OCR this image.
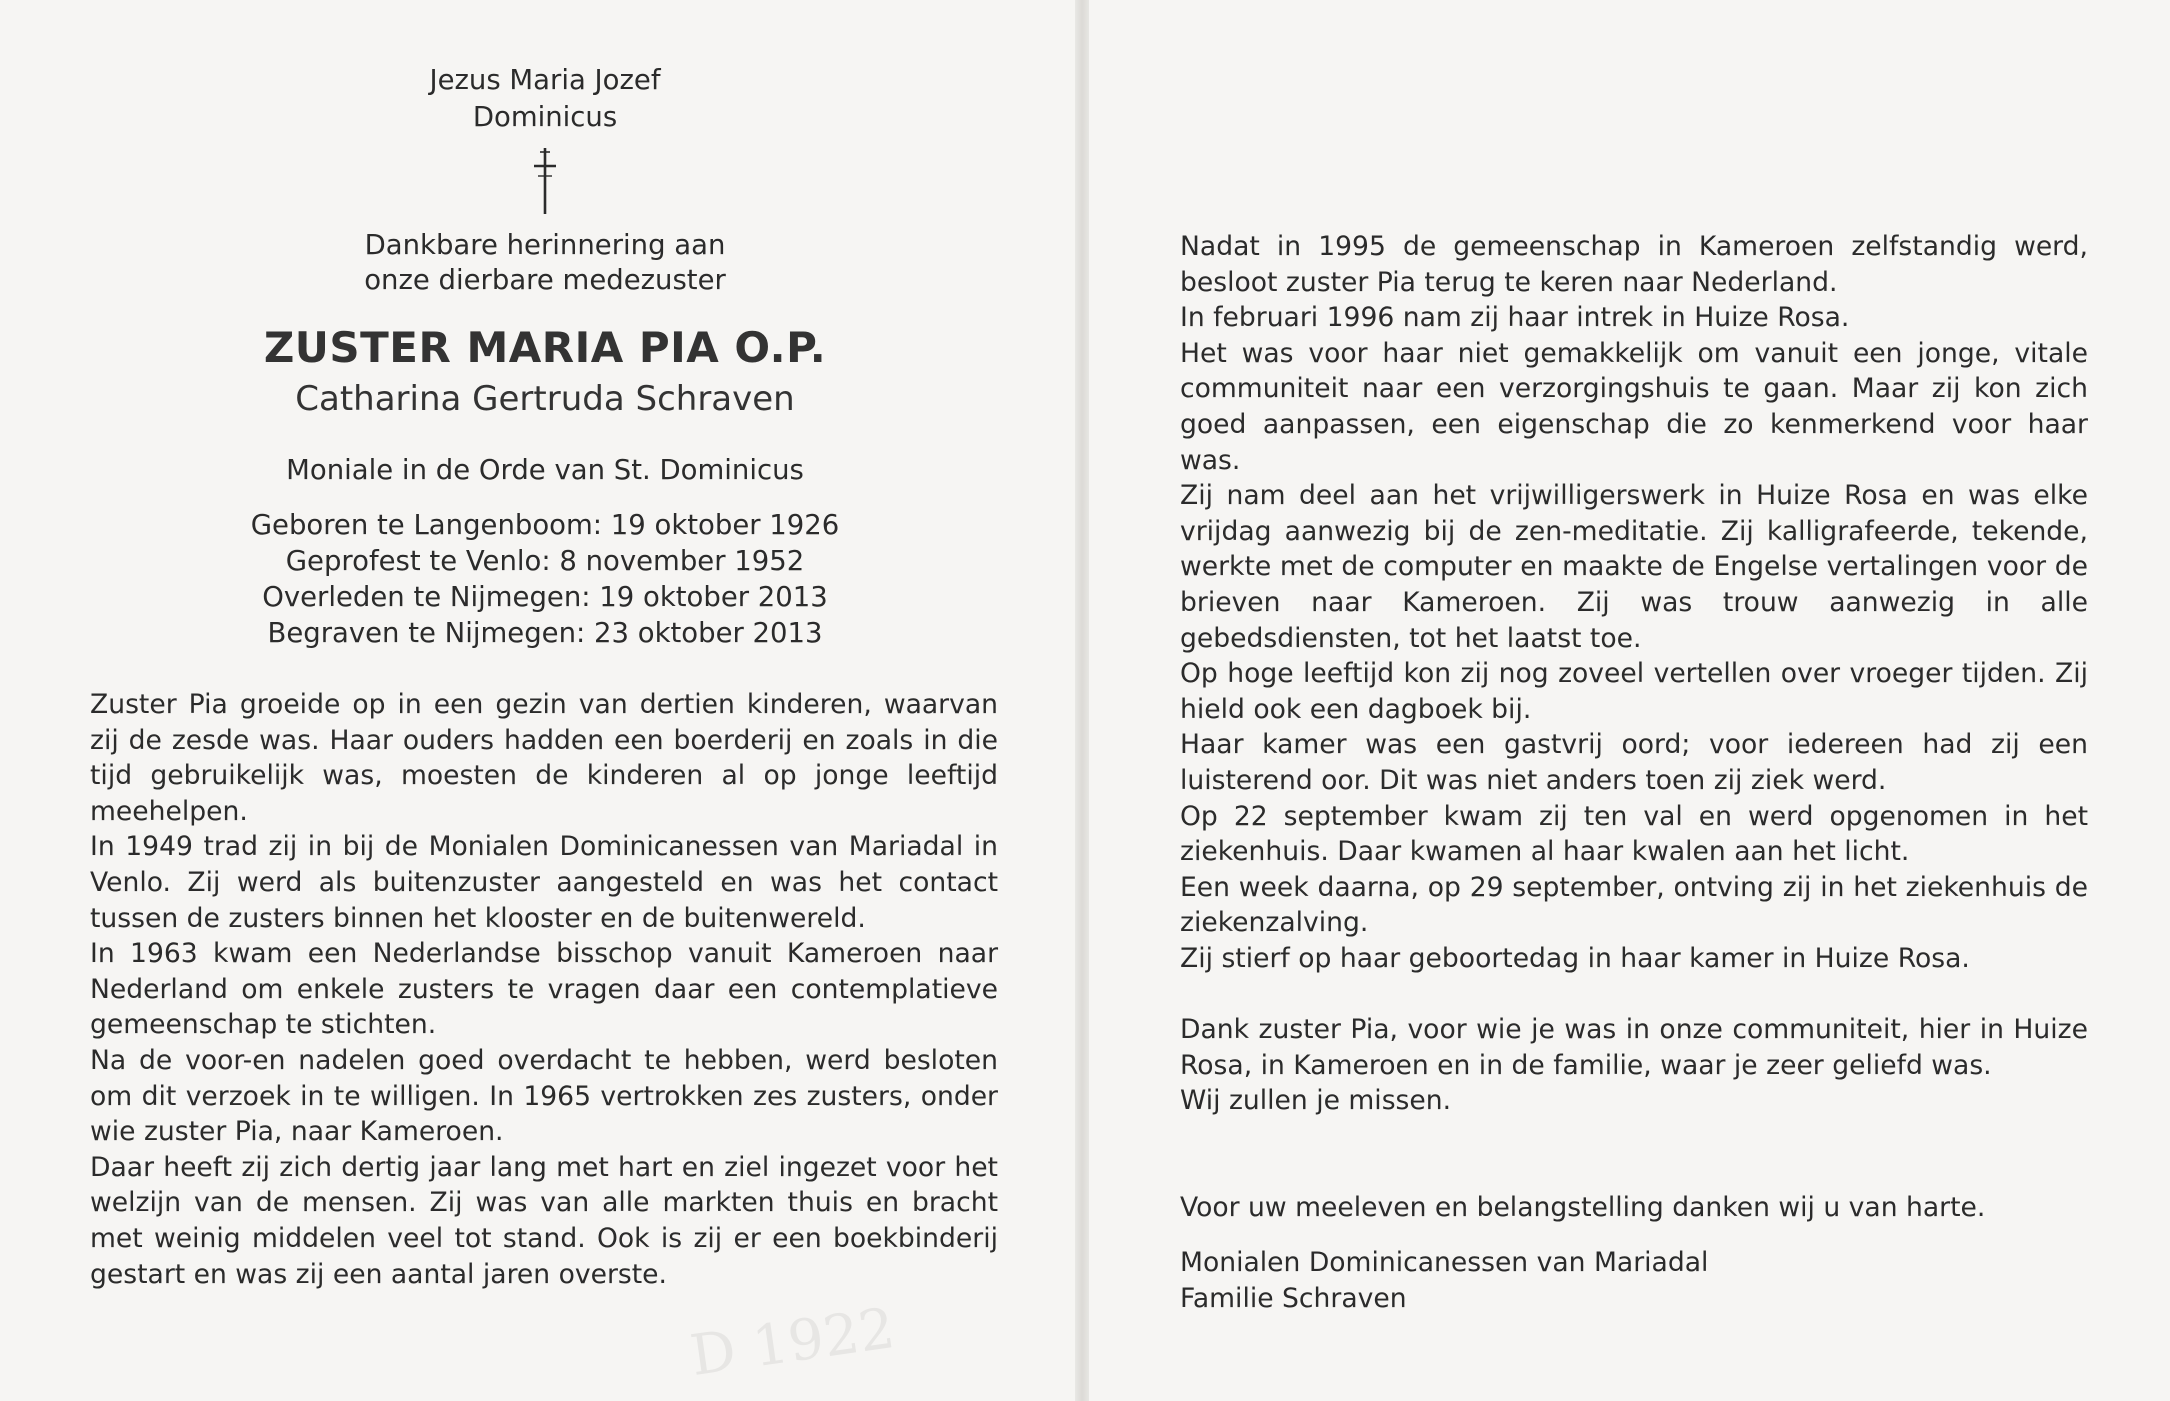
Jezus Maria Jozef
Dominicus
Dankbare herinnering aan
onze dierbare medezuster
ZUSTER MARIA PIA O.P.
Catharina Gertruda Schraven
Moniale in de Orde van St. Dominicus
Geboren te Langenboom: 19 oktober 1926
Geprofest te Venlo: 8 november 1952
Overleden te Nijmegen: 19 oktober 2013
Begraven te Nijmegen: 23 oktober 2013

Zuster Pia groeide op in een gezin van dertien kinderen, waarvan zij de zesde was. Haar ouders hadden een boerderij en zoals in die tijd gebruikelijk was, moesten de kinderen al op jonge leeftijd meehelpen.

In 1949 trad zij in bij de Monialen Dominicanessen van Mariadal in Venlo. Zij werd als buitenzuster aangesteld en was het contact tussen de zusters binnen het klooster en de buitenwereld.

In 1963 kwam een Nederlandse bisschop vanuit Kameroen naar Nederland om enkele zusters te vragen daar een contemplatieve gemeenschap te stichten.

Na de voor-en nadelen goed overdacht te hebben, werd besloten om dit verzoek in te willigen. In 1965 vertrokken zes zusters, onder wie zuster Pia, naar Kameroen.

Daar heeft zij zich dertig jaar lang met hart en ziel ingezet voor het welzijn van de mensen. Zij was van alle markten thuis en bracht met weinig middelen veel tot stand. Ook is zij er een boekbinderij gestart en was zij een aantal jaren overste.

D 1922

Nadat in 1995 de gemeenschap in Kameroen zelfstandig werd, besloot zuster Pia terug te keren naar Nederland.

In februari 1996 nam zij haar intrek in Huize Rosa.

Het was voor haar niet gemakkelijk om vanuit een jonge, vitale communiteit naar een verzorgingshuis te gaan. Maar zij kon zich goed aanpassen, een eigenschap die zo kenmerkend voor haar was.

Zij nam deel aan het vrijwilligerswerk in Huize Rosa en was elke vrijdag aanwezig bij de zen-meditatie. Zij kalligrafeerde, tekende, werkte met de computer en maakte de Engelse vertalingen voor de brieven naar Kameroen. Zij was trouw aanwezig in alle gebedsdiensten, tot het laatst toe.

Op hoge leeftijd kon zij nog zoveel vertellen over vroeger tijden. Zij hield ook een dagboek bij.

Haar kamer was een gastvrij oord; voor iedereen had zij een luisterend oor. Dit was niet anders toen zij ziek werd.

Op 22 september kwam zij ten val en werd opgenomen in het ziekenhuis. Daar kwamen al haar kwalen aan het licht.

Een week daarna, op 29 september, ontving zij in het ziekenhuis de ziekenzalving.

Zij stierf op haar geboortedag in haar kamer in Huize Rosa.

Dank zuster Pia, voor wie je was in onze communiteit, hier in Huize Rosa, in Kameroen en in de familie, waar je zeer geliefd was.

Wij zullen je missen.

Voor uw meeleven en belangstelling danken wij u van harte.

Monialen Dominicanessen van Mariadal

Familie Schraven
